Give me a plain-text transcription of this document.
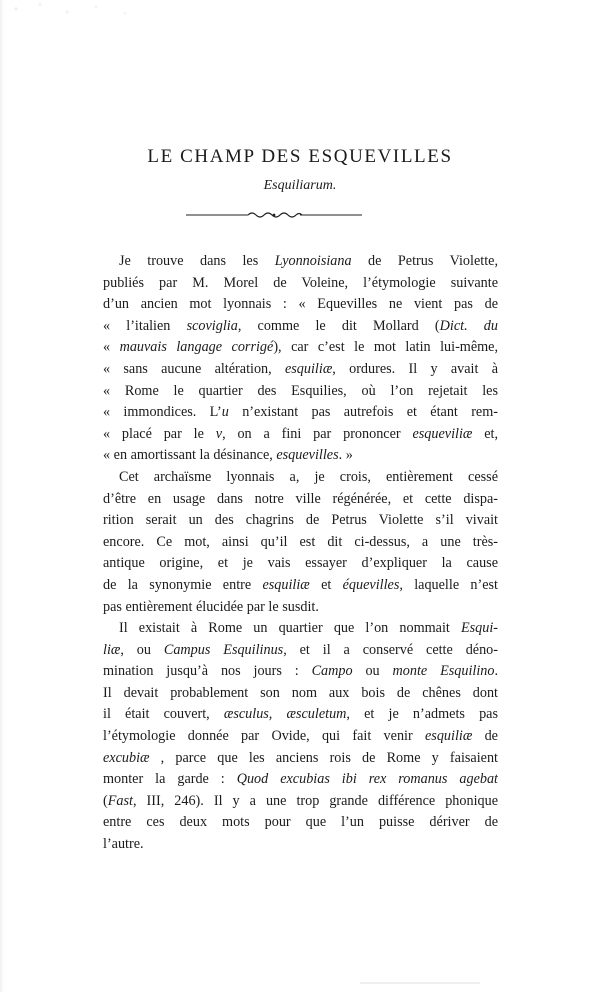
LE CHAMP DES ESQUEVILLES
Esquiliarum.
Je trouve dans les Lyonnoisiana de Petrus Violette,
publiés par M. Morel de Voleine, l’étymologie suivante
d’un ancien mot lyonnais : « Equevilles ne vient pas de
« l’italien scoviglia, comme le dit Mollard (Dict. du
« mauvais langage corrigé), car c’est le mot latin lui-même,
« sans aucune altération, esquiliæ, ordures. Il y avait à
« Rome le quartier des Esquilies, où l’on rejetait les
« immondices. L’u n’existant pas autrefois et étant rem-
« placé par le v, on a fini par prononcer esqueviliæ et,
« en amortissant la désinance, esquevilles. »
Cet archaïsme lyonnais a, je crois, entièrement cessé
d’être en usage dans notre ville régénérée, et cette dispa-
rition serait un des chagrins de Petrus Violette s’il vivait
encore. Ce mot, ainsi qu’il est dit ci-dessus, a une très-
antique origine, et je vais essayer d’expliquer la cause
de la synonymie entre esquiliæ et équevilles, laquelle n’est
pas entièrement élucidée par le susdit.
Il existait à Rome un quartier que l’on nommait Esqui-
liæ, ou Campus Esquilinus, et il a conservé cette déno-
mination jusqu’à nos jours : Campo ou monte Esquilino.
Il devait probablement son nom aux bois de chênes dont
il était couvert, æsculus, æsculetum, et je n’admets pas
l’étymologie donnée par Ovide, qui fait venir esquiliæ de
excubiæ , parce que les anciens rois de Rome y faisaient
monter la garde : Quod excubias ibi rex romanus agebat
(Fast, III, 246). Il y a une trop grande différence phonique
entre ces deux mots pour que l’un puisse dériver de
l’autre.
